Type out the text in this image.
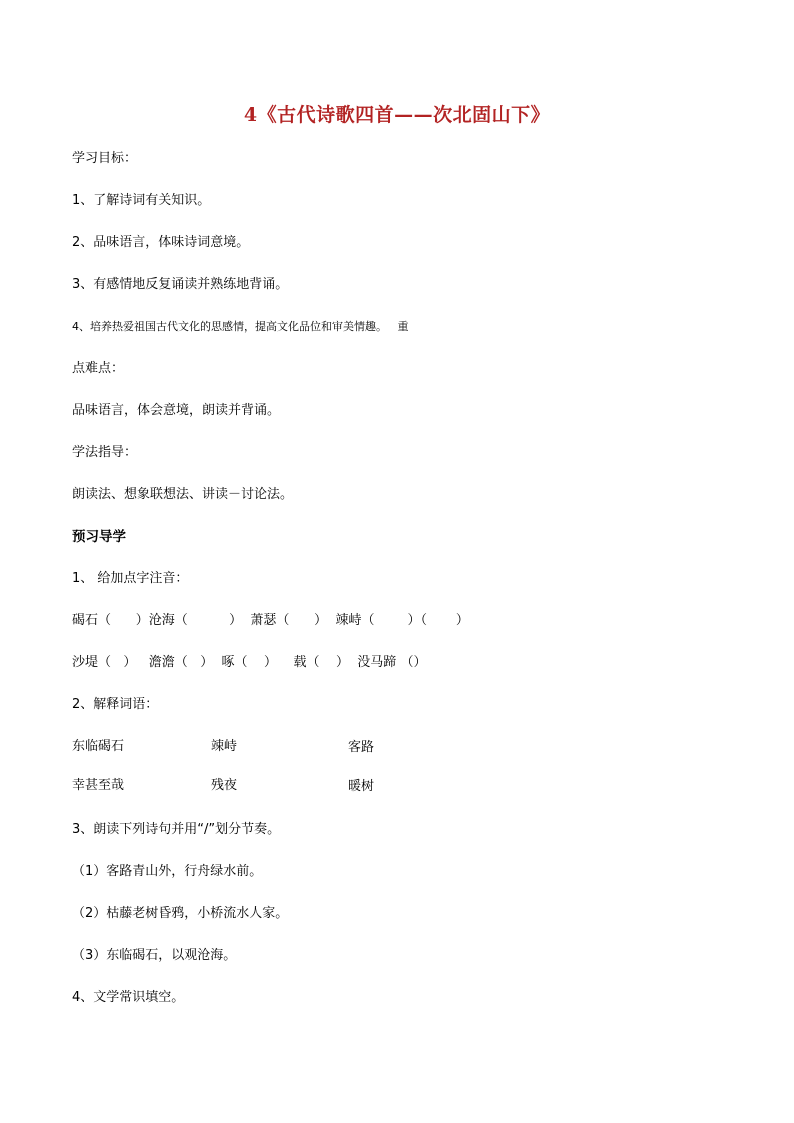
4《古代诗歌四首——次北固山下》
学习目标：
1、了解诗词有关知识。
2、品味语言，体味诗词意境。
3、有感情地反复诵读并熟练地背诵。
4、培养热爱祖国古代文化的思感情，提高文化品位和审美情趣。   重
点难点：
品味语言，体会意境，朗读并背诵。
学法指导：
朗读法、想象联想法、讲读－讨论法。
预习导学
1、 给加点字注音：
碣石（      ）沧海（          ）  萧瑟（      ）  竦峙（        ）（       ）
沙堤（   ）   澹澹（   ）  啄（    ）    载（    ）  没马蹄 （）
2、解释词语：
东临碣石	竦峙	客路
幸甚至哉	残夜	暖树
3、朗读下列诗句并用“/”划分节奏。
（1）客路青山外，行舟绿水前。
（2）枯藤老树昏鸦，小桥流水人家。
（3）东临碣石，以观沧海。
4、文学常识填空。
